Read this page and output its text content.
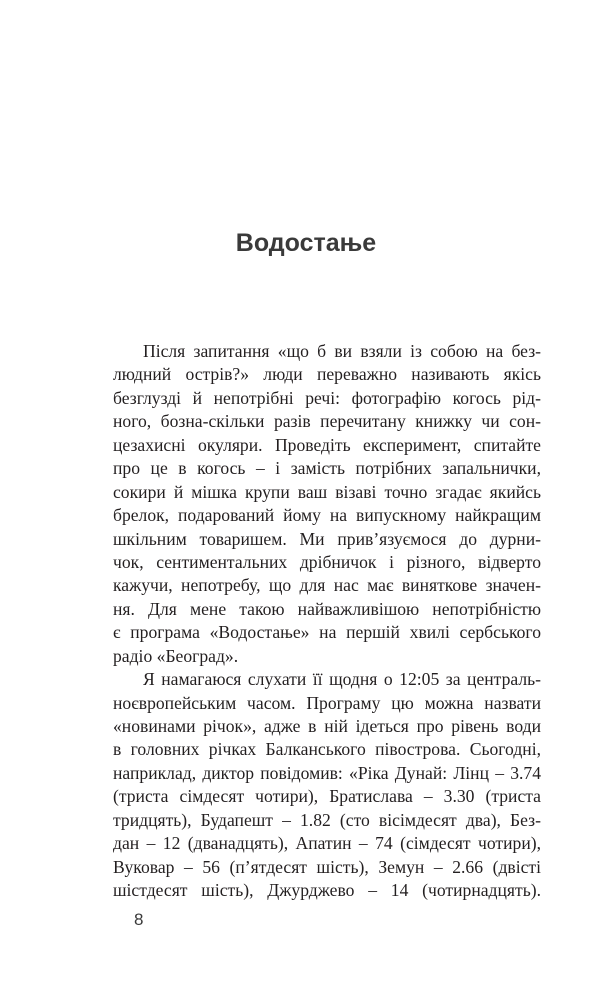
Водостање
Після запитання «що б ви взяли із собою на без-
людний острів?» люди переважно називають якісь
безглузді й непотрібні речі: фотографію когось рід-
ного, бозна-скільки разів перечитану книжку чи сон-
цезахисні окуляри. Проведіть експеримент, спитайте
про це в когось – і замість потрібних запальнички,
сокири й мішка крупи ваш візаві точно згадає якийсь
брелок, подарований йому на випускному найкращим
шкільним товаришем. Ми прив’язуємося до дурни-
чок, сентиментальних дрібничок і різного, відверто
кажучи, непотребу, що для нас має виняткове значен-
ня. Для мене такою найважливішою непотрібністю
є програма «Водостање» на першій хвилі сербського
радіо «Београд».
Я намагаюся слухати її щодня о 12:05 за централь-
ноєвропейським часом. Програму цю можна назвати
«новинами річок», адже в ній ідеться про рівень води
в головних річках Балканського півострова. Сьогодні,
наприклад, диктор повідомив: «Ріка Дунай: Лінц – 3.74
(триста сімдесят чотири), Братислава – 3.30 (триста
тридцять), Будапешт – 1.82 (сто вісімдесят два), Без-
дан – 12 (дванадцять), Апатин – 74 (сімдесят чотири),
Вуковар – 56 (п’ятдесят шість), Земун – 2.66 (двісті
шістдесят шість), Джурджево – 14 (чотирнадцять).
8
